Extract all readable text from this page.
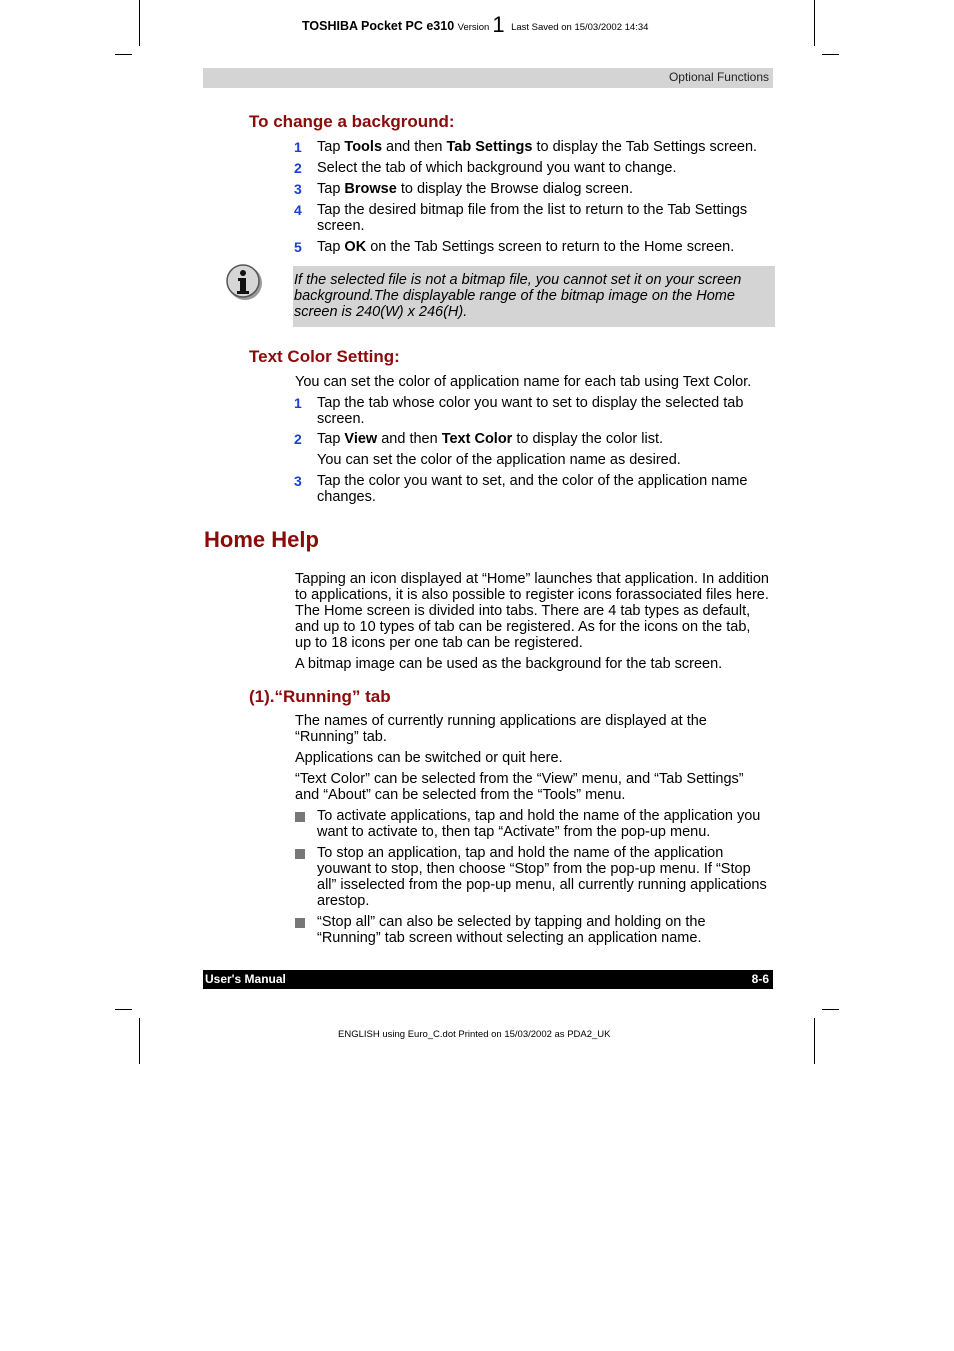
TOSHIBA Pocket PC e310 Version 1 Last Saved on 15/03/2002 14:34
Optional Functions
To change a background:
1 Tap Tools and then Tab Settings to display the Tab Settings screen.
2 Select the tab of which background you want to change.
3 Tap Browse to display the Browse dialog screen.
4 Tap the desired bitmap file from the list to return to the Tab Settings screen.
5 Tap OK on the Tab Settings screen to return to the Home screen.
If the selected file is not a bitmap file, you cannot set it on your screen background.The displayable range of the bitmap image on the Home screen is 240(W) x 246(H).
Text Color Setting:
You can set the color of application name for each tab using Text Color.
1 Tap the tab whose color you want to set to display the selected tab screen.
2 Tap View and then Text Color to display the color list.
You can set the color of the application name as desired.
3 Tap the color you want to set, and the color of the application name changes.
Home Help
Tapping an icon displayed at “Home” launches that application. In addition to applications, it is also possible to register icons forassociated files here. The Home screen is divided into tabs. There are 4 tab types as default, and up to 10 types of tab can be registered. As for the icons on the tab, up to 18 icons per one tab can be registered.
A bitmap image can be used as the background for the tab screen.
(1).“Running” tab
The names of currently running applications are displayed at the “Running” tab.
Applications can be switched or quit here.
“Text Color” can be selected from the “View” menu, and “Tab Settings” and “About” can be selected from the “Tools” menu.
To activate applications, tap and hold the name of the application you want to activate to, then tap “Activate” from the pop-up menu.
To stop an application, tap and hold the name of the application youwant to stop, then choose “Stop” from the pop-up menu. If “Stop all” isselected from the pop-up menu, all currently running applications arestop.
“Stop all” can also be selected by tapping and holding on the “Running” tab screen without selecting an application name.
User's Manual	8-6
ENGLISH using Euro_C.dot Printed on 15/03/2002 as PDA2_UK
